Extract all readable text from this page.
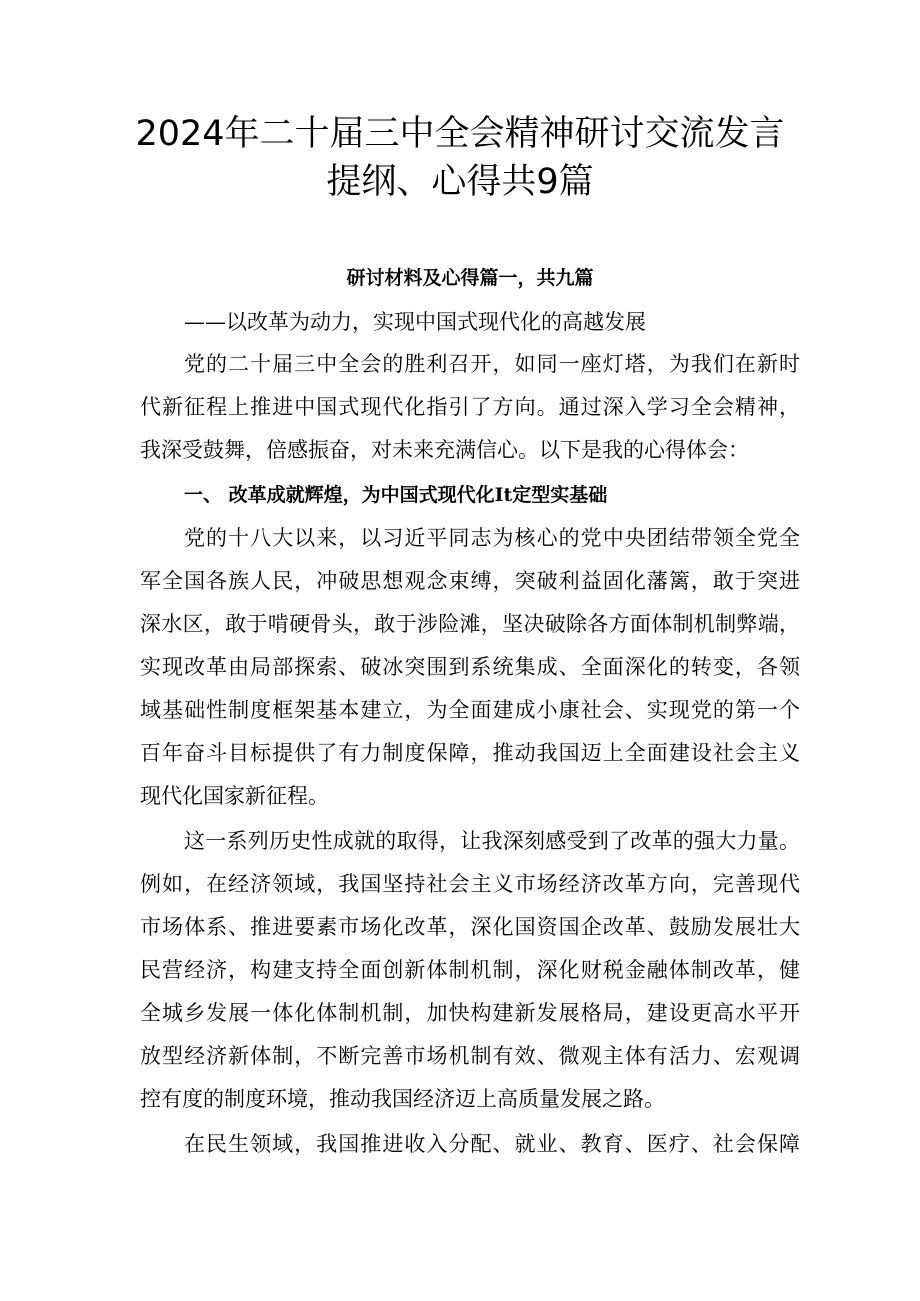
2024年二十届三中全会精神研讨交流发言
提纲、心得共9篇
研讨材料及心得篇一，共九篇
——以改革为动力，实现中国式现代化的高越发展
党的二十届三中全会的胜利召开，如同一座灯塔，为我们在新时
代新征程上推进中国式现代化指引了方向。通过深入学习全会精神，
我深受鼓舞，倍感振奋，对未来充满信心。以下是我的心得体会：
一、 改革成就辉煌，为中国式现代化It定型实基础
党的十八大以来，以习近平同志为核心的党中央团结带领全党全
军全国各族人民，冲破思想观念束缚，突破利益固化藩篱，敢于突进
深水区，敢于啃硬骨头，敢于涉险滩，坚决破除各方面体制机制弊端，
实现改革由局部探索、破冰突围到系统集成、全面深化的转变，各领
域基础性制度框架基本建立，为全面建成小康社会、实现党的第一个
百年奋斗目标提供了有力制度保障，推动我国迈上全面建设社会主义
现代化国家新征程。
这一系列历史性成就的取得，让我深刻感受到了改革的强大力量。
例如，在经济领域，我国坚持社会主义市场经济改革方向，完善现代
市场体系、推进要素市场化改革，深化国资国企改革、鼓励发展壮大
民营经济，构建支持全面创新体制机制，深化财税金融体制改革，健
全城乡发展一体化体制机制，加快构建新发展格局，建设更高水平开
放型经济新体制，不断完善市场机制有效、微观主体有活力、宏观调
控有度的制度环境，推动我国经济迈上高质量发展之路。
在民生领域，我国推进收入分配、就业、教育、医疗、社会保障
